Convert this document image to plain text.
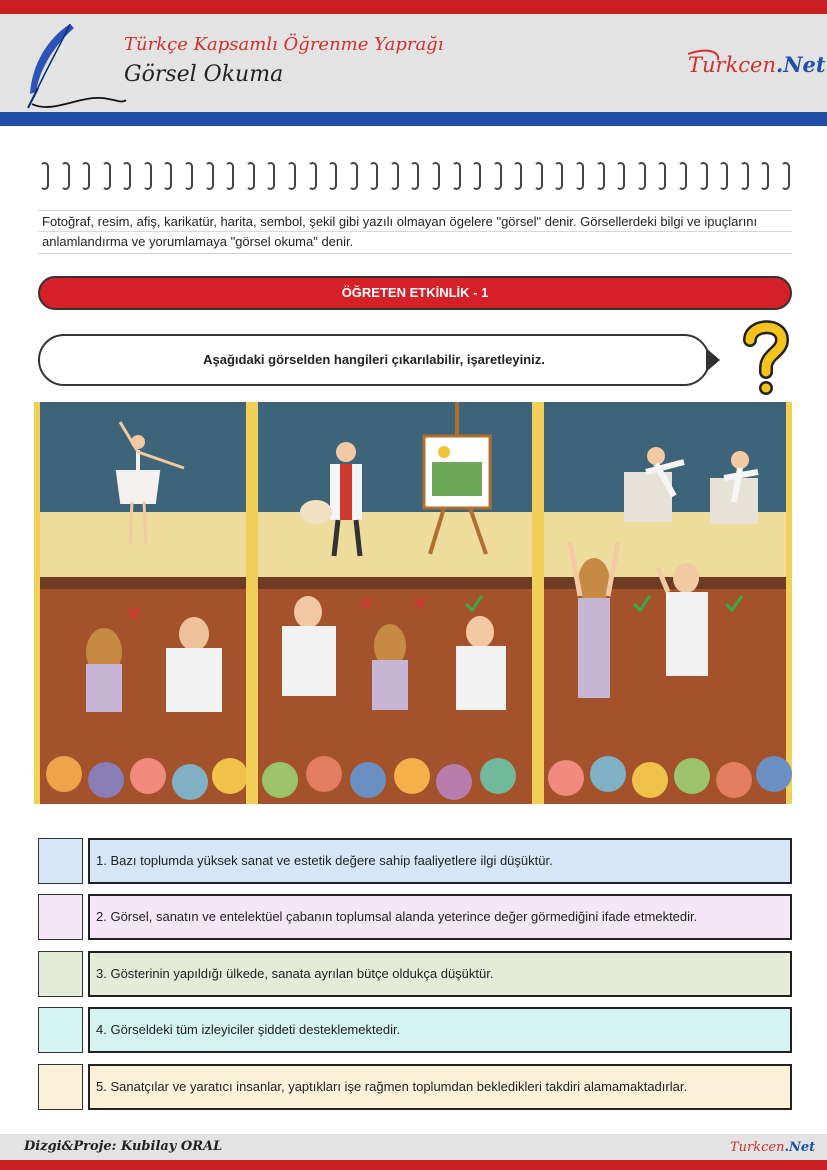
Türkçe Kapsamlı Öğrenme Yaprağı
Görsel Okuma	Turkcen.Net
Fotoğraf, resim, afiş, karikatür, harita, sembol, şekil gibi yazılı olmayan ögelere "görsel" denir. Görsellerdeki bilgi ve ipuçlarını anlamlandırma ve yorumlamaya "görsel okuma" denir.
ÖĞRETEN ETKİNLİK - 1
Aşağıdaki görselden hangileri çıkarılabilir, işaretleyiniz.
1. Bazı toplumda yüksek sanat ve estetik değere sahip faaliyetlere ilgi düşüktür.
2. Görsel, sanatın ve entelektüel çabanın toplumsal alanda yeterince değer görmediğini ifade etmektedir.
3. Gösterinin yapıldığı ülkede, sanata ayrılan bütçe oldukça düşüktür.
4. Görseldeki tüm izleyiciler şiddeti desteklemektedir.
5. Sanatçılar ve yaratıcı insanlar, yaptıkları işe rağmen toplumdan bekledikleri takdiri alamamaktadırlar.
Dizgi&Proje: Kubilay ORAL	Turkcen.Net
